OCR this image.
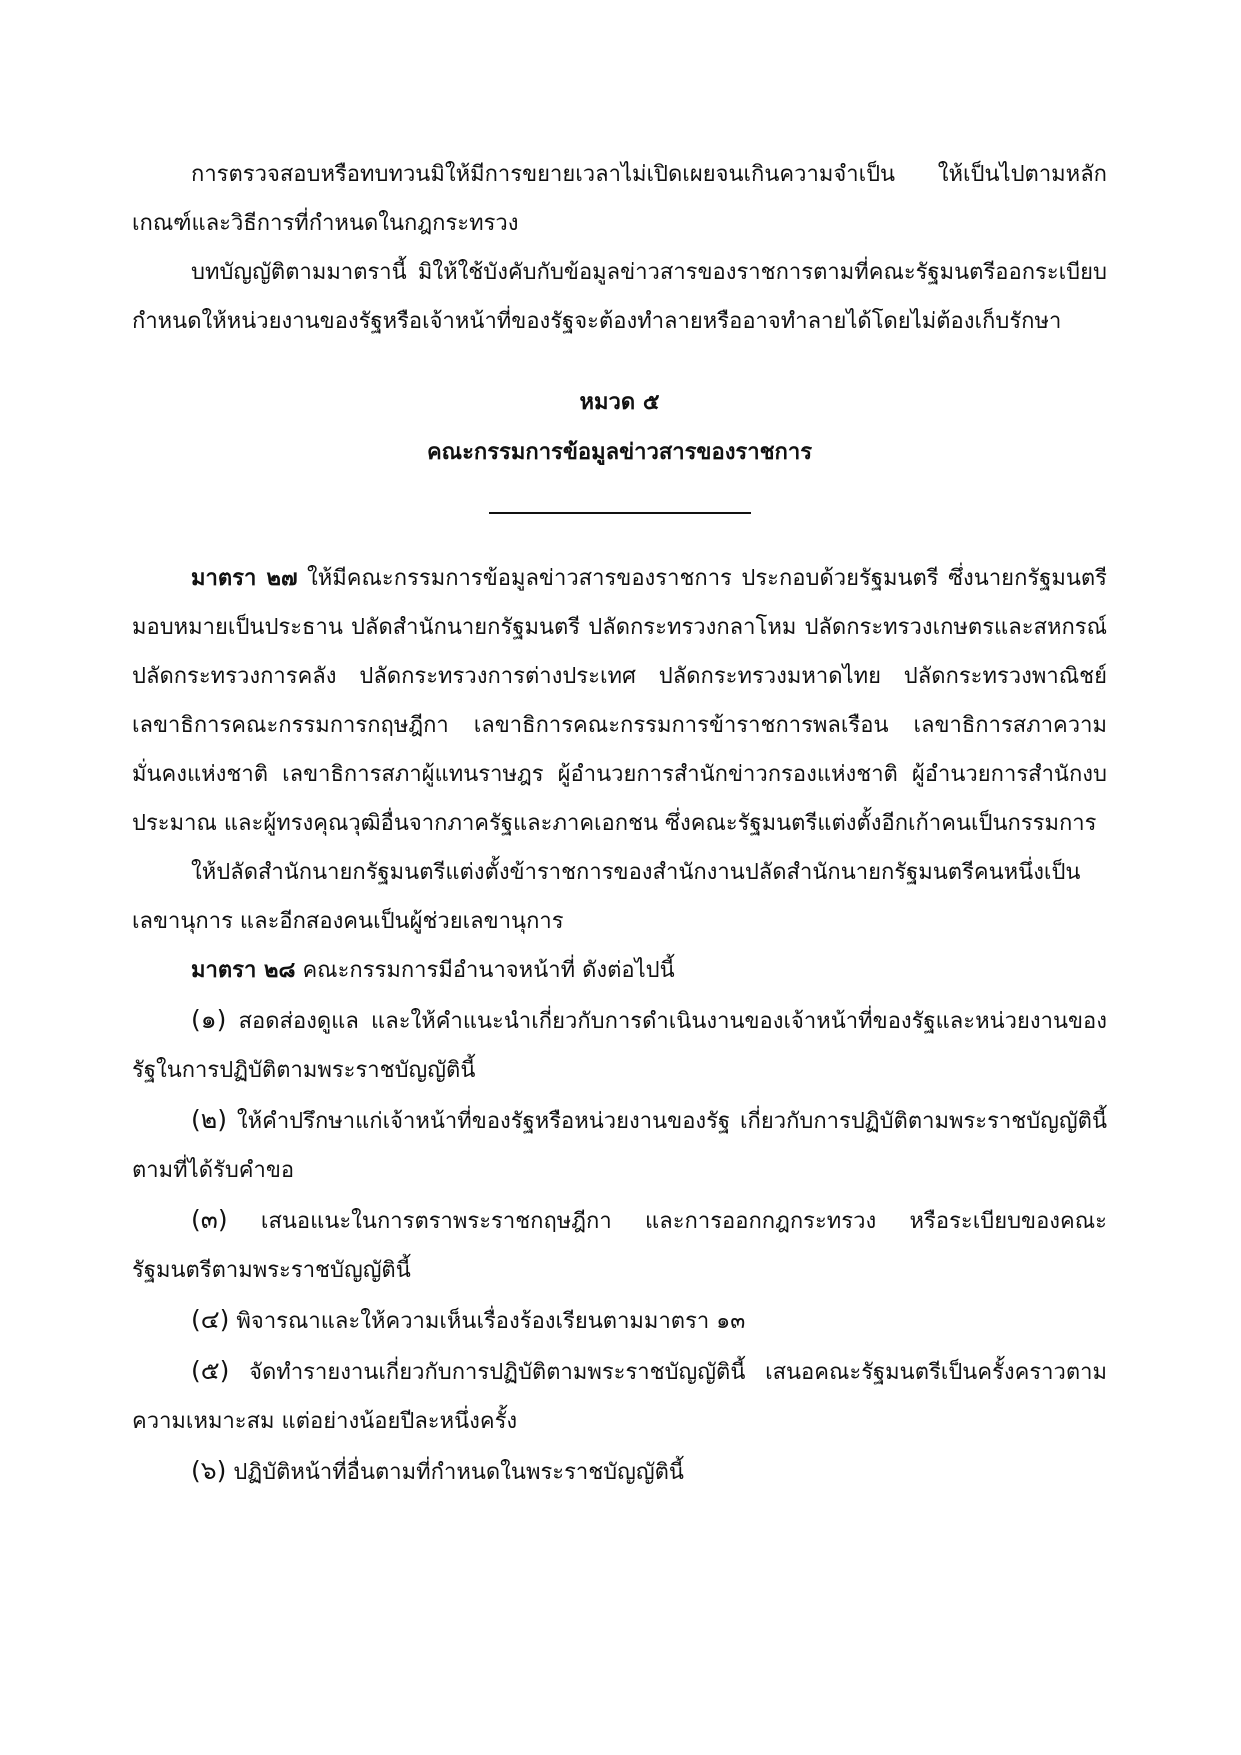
การตรวจสอบหรือทบทวนมิให้มีการขยายเวลาไม่เปิดเผยจนเกินความจำเป็น ให้เป็นไปตามหลักเกณฑ์และวิธีการที่กำหนดในกฎกระทรวง

บทบัญญัติตามมาตรานี้ มิให้ใช้บังคับกับข้อมูลข่าวสารของราชการตามที่คณะรัฐมนตรีออกระเบียบกำหนดให้หน่วยงานของรัฐหรือเจ้าหน้าที่ของรัฐจะต้องทำลายหรืออาจทำลายได้โดยไม่ต้องเก็บรักษา

หมวด ๕

คณะกรรมการข้อมูลข่าวสารของราชการ

มาตรา ๒๗ ให้มีคณะกรรมการข้อมูลข่าวสารของราชการ ประกอบด้วยรัฐมนตรี ซึ่งนายกรัฐมนตรีมอบหมายเป็นประธาน ปลัดสำนักนายกรัฐมนตรี ปลัดกระทรวงกลาโหม ปลัดกระทรวงเกษตรและสหกรณ์ ปลัดกระทรวงการคลัง ปลัดกระทรวงการต่างประเทศ ปลัดกระทรวงมหาดไทย ปลัดกระทรวงพาณิชย์ เลขาธิการคณะกรรมการกฤษฎีกา เลขาธิการคณะกรรมการข้าราชการพลเรือน เลขาธิการสภาความมั่นคงแห่งชาติ เลขาธิการสภาผู้แทนราษฎร ผู้อำนวยการสำนักข่าวกรองแห่งชาติ ผู้อำนวยการสำนักงบประมาณ และผู้ทรงคุณวุฒิอื่นจากภาครัฐและภาคเอกชน ซึ่งคณะรัฐมนตรีแต่งตั้งอีกเก้าคนเป็นกรรมการ

ให้ปลัดสำนักนายกรัฐมนตรีแต่งตั้งข้าราชการของสำนักงานปลัดสำนักนายกรัฐมนตรีคนหนึ่งเป็นเลขานุการ และอีกสองคนเป็นผู้ช่วยเลขานุการ

มาตรา ๒๘ คณะกรรมการมีอำนาจหน้าที่ ดังต่อไปนี้

(๑) สอดส่องดูแล และให้คำแนะนำเกี่ยวกับการดำเนินงานของเจ้าหน้าที่ของรัฐและหน่วยงานของรัฐในการปฏิบัติตามพระราชบัญญัตินี้

(๒) ให้คำปรึกษาแก่เจ้าหน้าที่ของรัฐหรือหน่วยงานของรัฐ เกี่ยวกับการปฏิบัติตามพระราชบัญญัตินี้ตามที่ได้รับคำขอ

(๓) เสนอแนะในการตราพระราชกฤษฎีกา และการออกกฎกระทรวง หรือระเบียบของคณะรัฐมนตรีตามพระราชบัญญัตินี้

(๔) พิจารณาและให้ความเห็นเรื่องร้องเรียนตามมาตรา ๑๓

(๕) จัดทำรายงานเกี่ยวกับการปฏิบัติตามพระราชบัญญัตินี้ เสนอคณะรัฐมนตรีเป็นครั้งคราวตามความเหมาะสม แต่อย่างน้อยปีละหนึ่งครั้ง

(๖) ปฏิบัติหน้าที่อื่นตามที่กำหนดในพระราชบัญญัตินี้
